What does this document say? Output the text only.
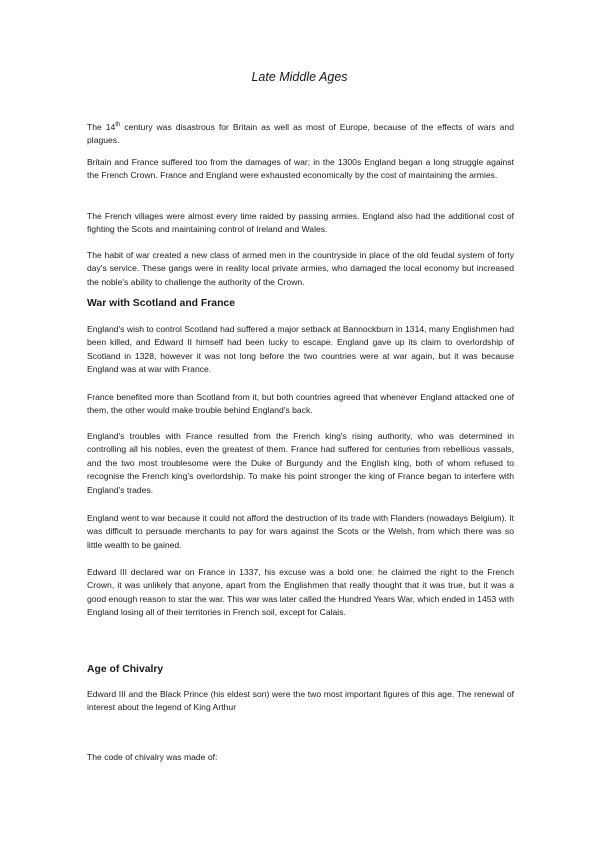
Late Middle Ages

The 14th century was disastrous for Britain as well as most of Europe, because of the effects of wars and plagues.

Britain and France suffered too from the damages of war; in the 1300s England began a long struggle against the French Crown. France and England were exhausted economically by the cost of maintaining the armies.

The French villages were almost every time raided by passing armies. England also had the additional cost of fighting the Scots and maintaining control of Ireland and Wales.

The habit of war created a new class of armed men in the countryside in place of the old feudal system of forty day's service. These gangs were in reality local private armies, who damaged the local economy but increased the noble's ability to challenge the authority of the Crown.

War with Scotland and France

England's wish to control Scotland had suffered a major setback at Bannockburn in 1314, many Englishmen had been killed, and Edward II himself had been lucky to escape. England gave up its claim to overlordship of Scotland in 1328, however it was not long before the two countries were at war again, but it was because England was at war with France.

France benefited more than Scotland from it, but both countries agreed that whenever England attacked one of them, the other would make trouble behind England's back.

England's troubles with France resulted from the French king's rising authority, who was determined in controlling all his nobles, even the greatest of them. France had suffered for centuries from rebellious vassals, and the two most troublesome were the Duke of Burgundy and the English king, both of whom refused to recognise the French king's overlordship. To make his point stronger the king of France began to interfere with England's trades.

England went to war because it could not afford the destruction of its trade with Flanders (nowadays Belgium). It was difficult to persuade merchants to pay for wars against the Scots or the Welsh, from which there was so little wealth to be gained.

Edward III declared war on France in 1337, his excuse was a bold one: he claimed the right to the French Crown, it was unlikely that anyone, apart from the Englishmen that really thought that it was true, but it was a good enough reason to star the war. This war was later called the Hundred Years War, which ended in 1453 with England losing all of their territories in French soil, except for Calais.

Age of Chivalry

Edward III and the Black Prince (his eldest son) were the two most important figures of this age. The renewal of interest about the legend of King Arthur

The code of chivalry was made of:
